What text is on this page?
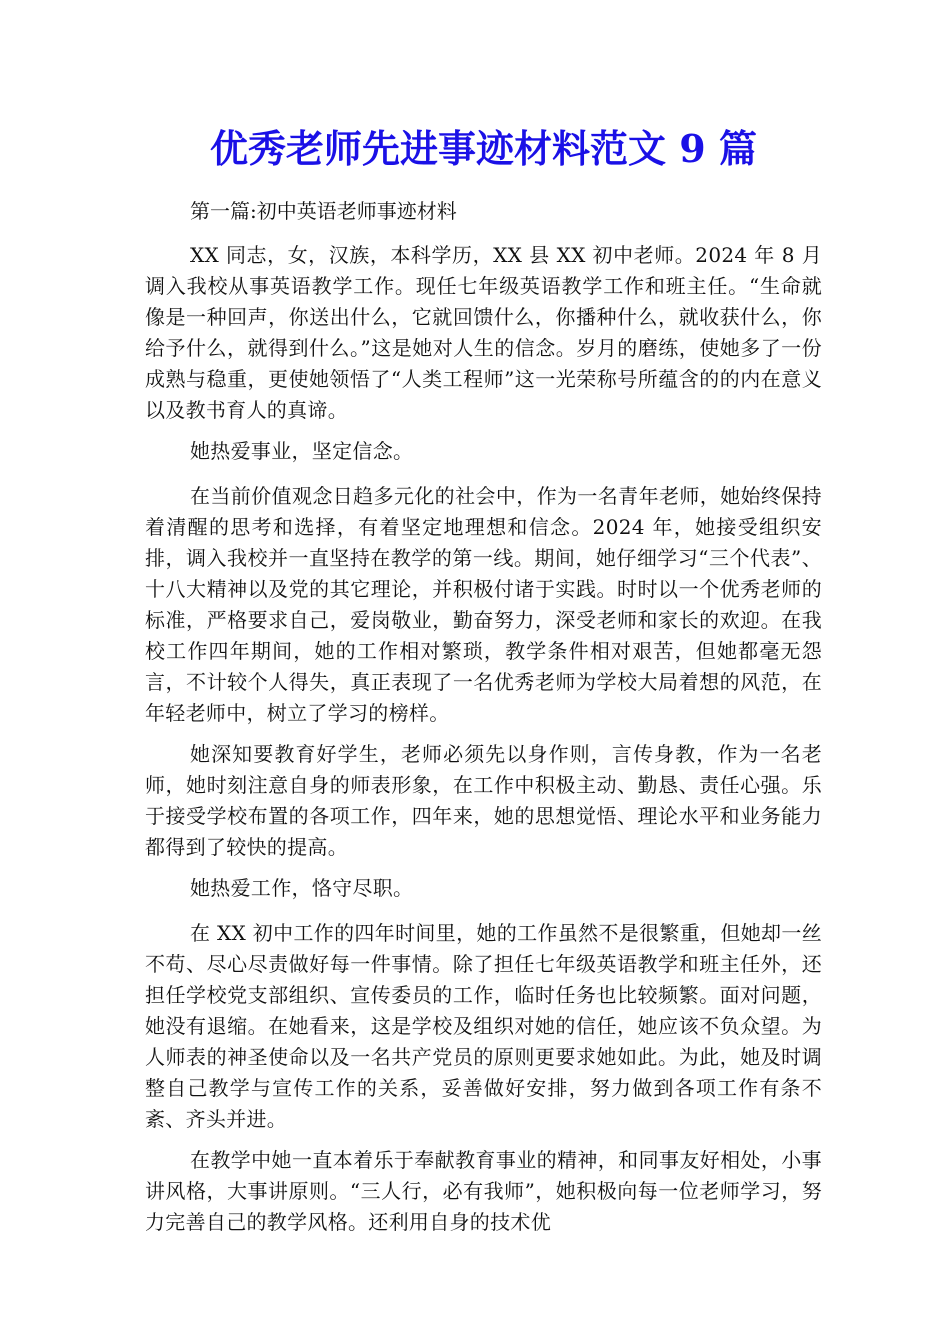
优秀老师先进事迹材料范文 9 篇

第一篇:初中英语老师事迹材料

XX 同志，女，汉族，本科学历，XX 县 XX 初中老师。2024 年 8 月调入我校从事英语教学工作。现任七年级英语教学工作和班主任。“生命就像是一种回声，你送出什么，它就回馈什么，你播种什么，就收获什么，你给予什么，就得到什么。”这是她对人生的信念。岁月的磨练，使她多了一份成熟与稳重，更使她领悟了“人类工程师”这一光荣称号所蕴含的的内在意义以及教书育人的真谛。

她热爱事业，坚定信念。

在当前价值观念日趋多元化的社会中，作为一名青年老师，她始终保持着清醒的思考和选择，有着坚定地理想和信念。2024 年，她接受组织安排，调入我校并一直坚持在教学的第一线。期间，她仔细学习“三个代表”、十八大精神以及党的其它理论，并积极付诸于实践。时时以一个优秀老师的标准，严格要求自己，爱岗敬业，勤奋努力，深受老师和家长的欢迎。在我校工作四年期间，她的工作相对繁琐，教学条件相对艰苦，但她都毫无怨言，不计较个人得失，真正表现了一名优秀老师为学校大局着想的风范，在年轻老师中，树立了学习的榜样。

她深知要教育好学生，老师必须先以身作则，言传身教，作为一名老师，她时刻注意自身的师表形象，在工作中积极主动、勤恳、责任心强。乐于接受学校布置的各项工作，四年来，她的思想觉悟、理论水平和业务能力都得到了较快的提高。

她热爱工作，恪守尽职。

在 XX 初中工作的四年时间里，她的工作虽然不是很繁重，但她却一丝不苟、尽心尽责做好每一件事情。除了担任七年级英语教学和班主任外，还担任学校党支部组织、宣传委员的工作，临时任务也比较频繁。面对问题，她没有退缩。在她看来，这是学校及组织对她的信任，她应该不负众望。为人师表的神圣使命以及一名共产党员的原则更要求她如此。为此，她及时调整自己教学与宣传工作的关系，妥善做好安排，努力做到各项工作有条不紊、齐头并进。

在教学中她一直本着乐于奉献教育事业的精神，和同事友好相处，小事讲风格，大事讲原则。“三人行，必有我师”，她积极向每一位老师学习，努力完善自己的教学风格。还利用自身的技术优
